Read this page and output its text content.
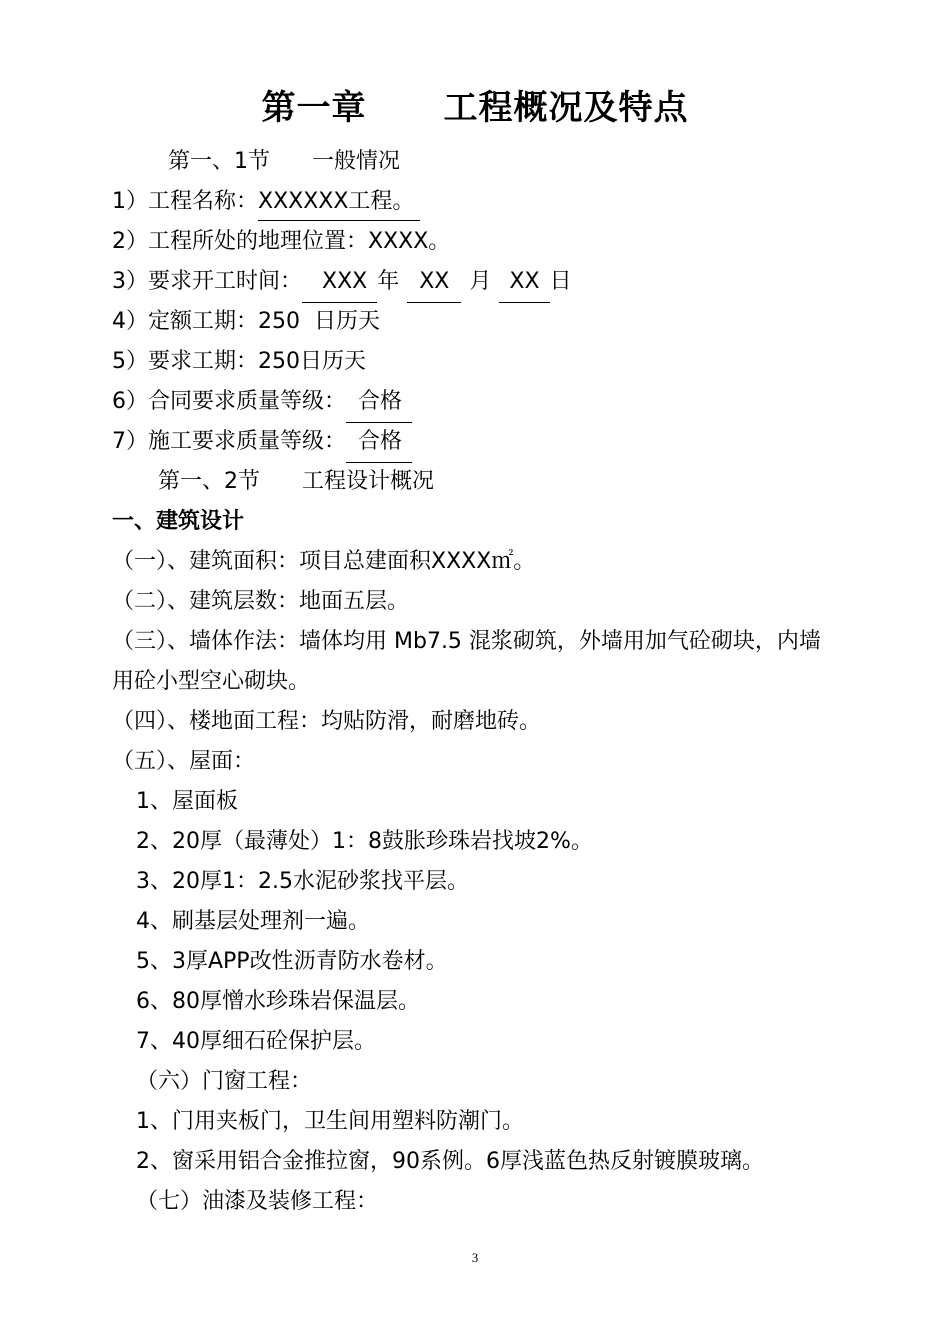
第一章      工程概况及特点
第一、1节      一般情况
1）工程名称：XXXXXX工程。
2）工程所处的地理位置：XXXX。
3）要求开工时间： XXX 年 XX 月 XX 日
4）定额工期：250  日历天
5）要求工期：250日历天
6）合同要求质量等级： 合格
7）施工要求质量等级： 合格
第一、2节      工程设计概况
一、建筑设计
（一）、建筑面积：项目总建面积XXXX㎡。
（二）、建筑层数：地面五层。
（三）、墙体作法：墙体均用 Mb7.5 混浆砌筑，外墙用加气砼砌块，内墙
用砼小型空心砌块。
（四）、楼地面工程：均贴防滑，耐磨地砖。
（五）、屋面：
1、屋面板
2、20厚（最薄处）1：8鼓胀珍珠岩找坡2%。
3、20厚1：2.5水泥砂浆找平层。
4、刷基层处理剂一遍。
5、3厚APP改性沥青防水卷材。
6、80厚憎水珍珠岩保温层。
7、40厚细石砼保护层。
（六）门窗工程：
1、门用夹板门，卫生间用塑料防潮门。
2、窗采用铝合金推拉窗，90系例。6厚浅蓝色热反射镀膜玻璃。
（七）油漆及装修工程：
3
